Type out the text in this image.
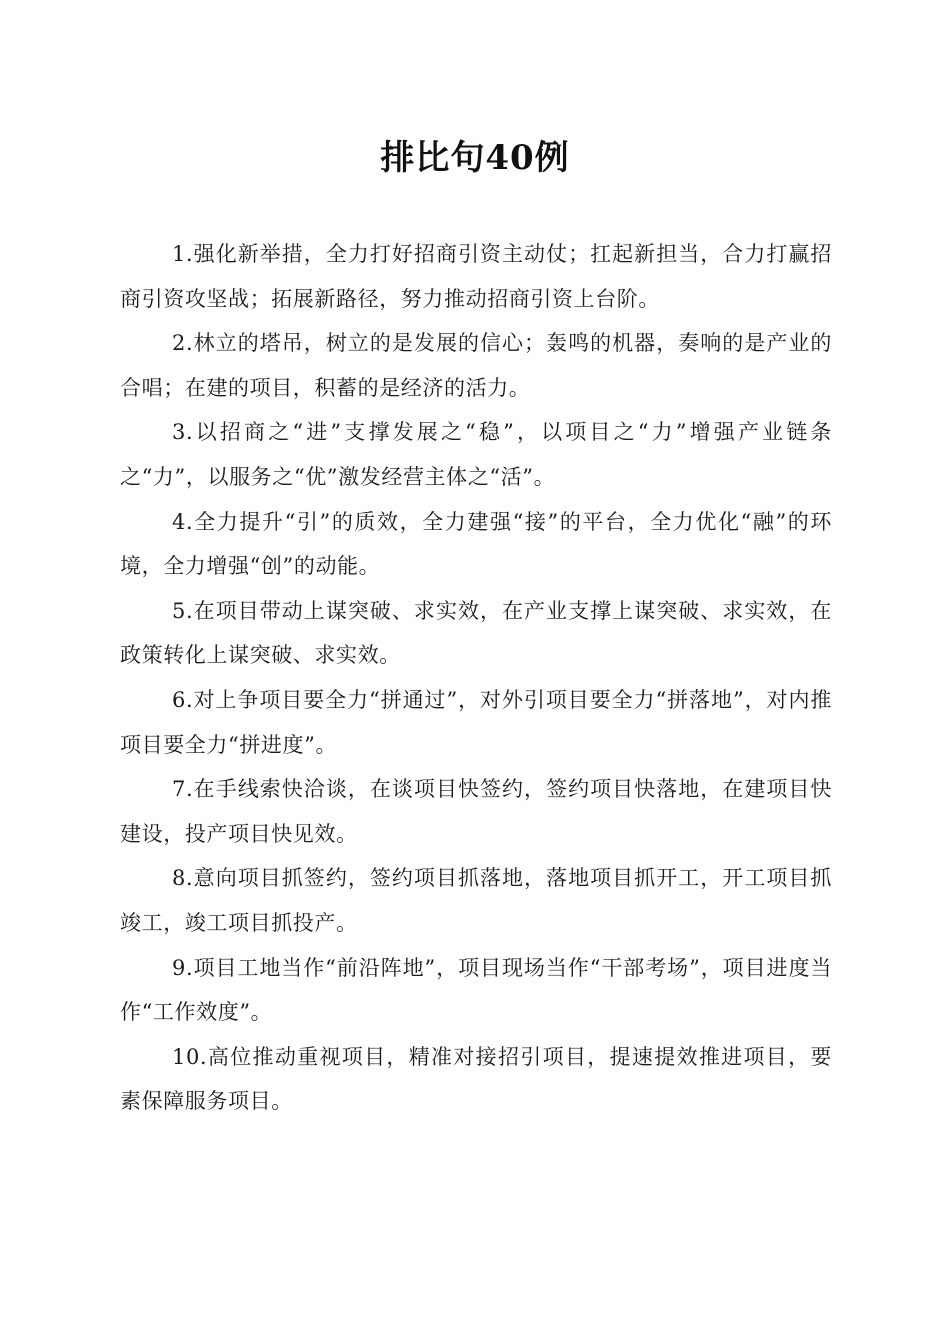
排比句40例

1.强化新举措，全力打好招商引资主动仗；扛起新担当，合力打赢招商引资攻坚战；拓展新路径，努力推动招商引资上台阶。

2.林立的塔吊，树立的是发展的信心；轰鸣的机器，奏响的是产业的合唱；在建的项目，积蓄的是经济的活力。

3.以招商之“进”支撑发展之“稳”，以项目之“力”增强产业链条之“力”，以服务之“优”激发经营主体之“活”。

4.全力提升“引”的质效，全力建强“接”的平台，全力优化“融”的环境，全力增强“创”的动能。

5.在项目带动上谋突破、求实效，在产业支撑上谋突破、求实效，在政策转化上谋突破、求实效。

6.对上争项目要全力“拼通过”，对外引项目要全力“拼落地”，对内推项目要全力“拼进度”。

7.在手线索快洽谈，在谈项目快签约，签约项目快落地，在建项目快建设，投产项目快见效。

8.意向项目抓签约，签约项目抓落地，落地项目抓开工，开工项目抓竣工，竣工项目抓投产。

9.项目工地当作“前沿阵地”，项目现场当作“干部考场”，项目进度当作“工作效度”。

10.高位推动重视项目，精准对接招引项目，提速提效推进项目，要素保障服务项目。
